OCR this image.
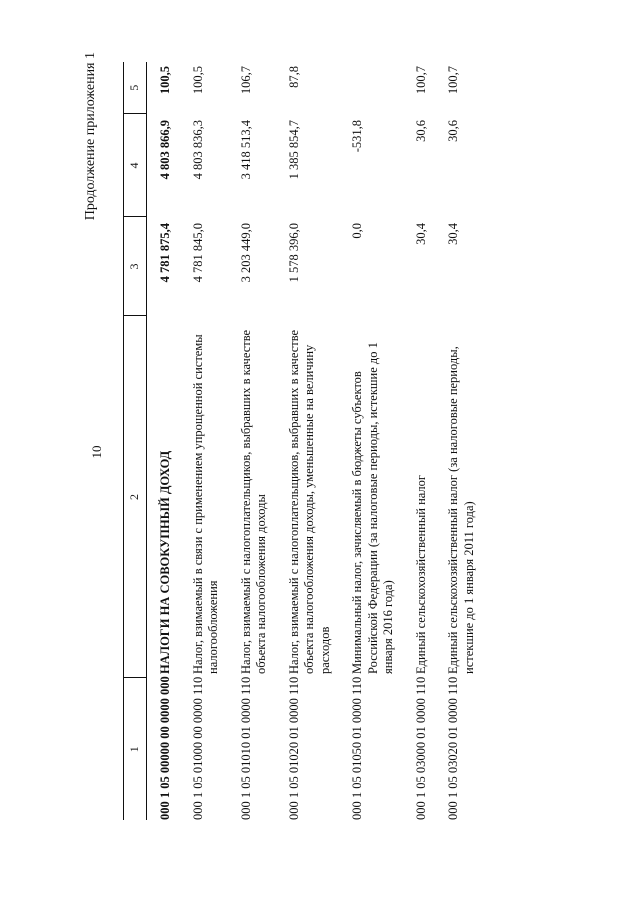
10
Продолжение приложения 1
1	2	3	4	5
000 1 05 00000 00 0000 000	НАЛОГИ НА СОВОКУПНЫЙ ДОХОД	4 781 875,4	4 803 866,9	100,5
000 1 05 01000 00 0000 110	Налог, взимаемый в связи с применением упрощенной системы налогообложения	4 781 845,0	4 803 836,3	100,5
000 1 05 01010 01 0000 110	Налог, взимаемый с налогоплательщиков, выбравших в качестве объекта налогообложения доходы	3 203 449,0	3 418 513,4	106,7
000 1 05 01020 01 0000 110	Налог, взимаемый с налогоплательщиков, выбравших в качестве объекта налогообложения доходы, уменьшенные на величину расходов	1 578 396,0	1 385 854,7	87,8
000 1 05 01050 01 0000 110	Минимальный налог, зачисляемый в бюджеты субъектов Российской Федерации (за налоговые периоды, истекшие до 1 января 2016 года)	0,0	-531,8	
000 1 05 03000 01 0000 110	Единый сельскохозяйственный налог	30,4	30,6	100,7
000 1 05 03020 01 0000 110	Единый сельскохозяйственный налог (за налоговые периоды, истекшие до 1 января 2011 года)	30,4	30,6	100,7
